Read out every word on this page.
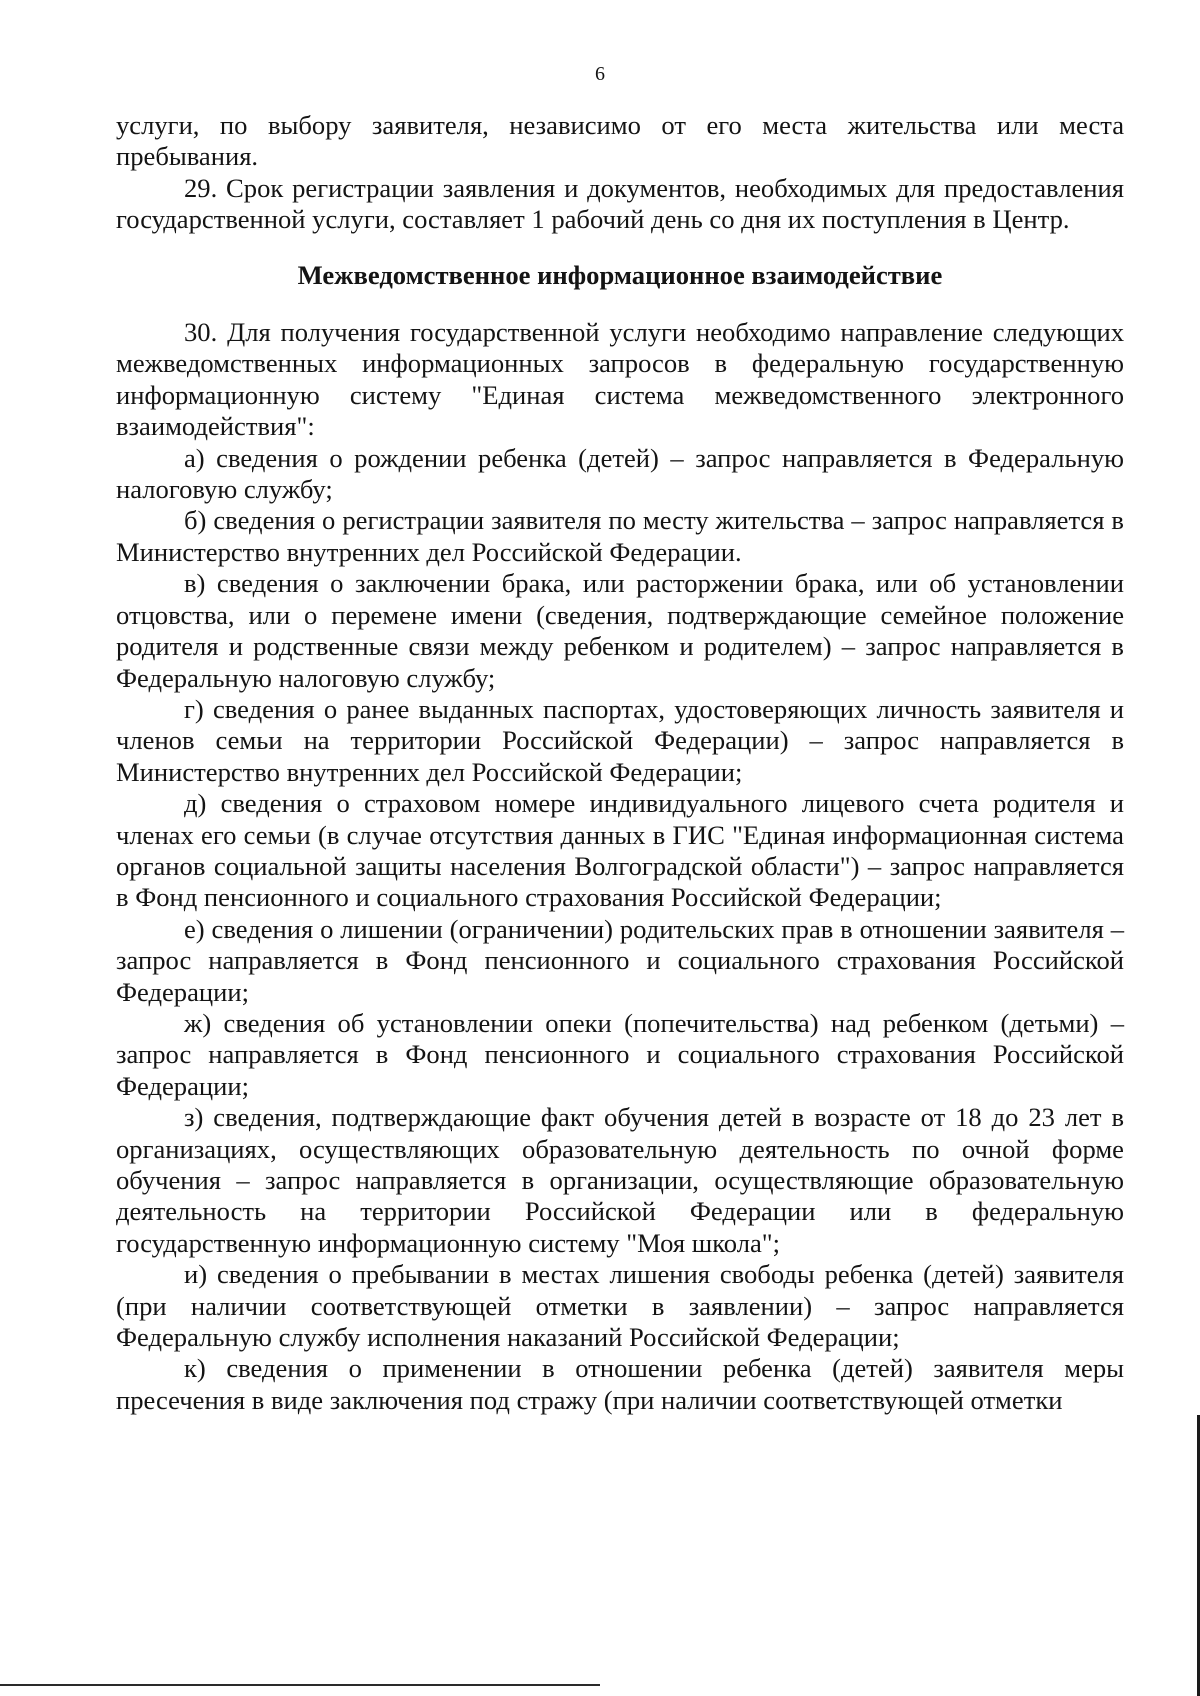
6

услуги, по выбору заявителя, независимо от его места жительства или места пребывания.

29. Срок регистрации заявления и документов, необходимых для предоставления государственной услуги, составляет 1 рабочий день со дня их поступления в Центр.

Межведомственное информационное взаимодействие

30. Для получения государственной услуги необходимо направление следующих межведомственных информационных запросов в федеральную государственную информационную систему "Единая система межведомственного электронного взаимодействия":

а) сведения о рождении ребенка (детей) – запрос направляется в Федеральную налоговую службу;

б) сведения о регистрации заявителя по месту жительства – запрос направляется в Министерство внутренних дел Российской Федерации.

в) сведения о заключении брака, или расторжении брака, или об установлении отцовства, или о перемене имени (сведения, подтверждающие семейное положение родителя и родственные связи между ребенком и родителем) – запрос направляется в Федеральную налоговую службу;

г) сведения о ранее выданных паспортах, удостоверяющих личность заявителя и членов семьи на территории Российской Федерации) – запрос направляется в Министерство внутренних дел Российской Федерации;

д) сведения о страховом номере индивидуального лицевого счета родителя и членах его семьи (в случае отсутствия данных в ГИС "Единая информационная система органов социальной защиты населения Волгоградской области") – запрос направляется в Фонд пенсионного и социального страхования Российской Федерации;

е) сведения о лишении (ограничении) родительских прав в отношении заявителя – запрос направляется в Фонд пенсионного и социального страхования Российской Федерации;

ж) сведения об установлении опеки (попечительства) над ребенком (детьми) – запрос направляется в Фонд пенсионного и социального страхования Российской Федерации;

з) сведения, подтверждающие факт обучения детей в возрасте от 18 до 23 лет в организациях, осуществляющих образовательную деятельность по очной форме обучения – запрос направляется в организации, осуществляющие образовательную деятельность на территории Российской Федерации или в федеральную государственную информационную систему "Моя школа";

и) сведения о пребывании в местах лишения свободы ребенка (детей) заявителя (при наличии соответствующей отметки в заявлении) – запрос направляется Федеральную службу исполнения наказаний Российской Федерации;

к) сведения о применении в отношении ребенка (детей) заявителя меры пресечения в виде заключения под стражу (при наличии соответствующей отметки
